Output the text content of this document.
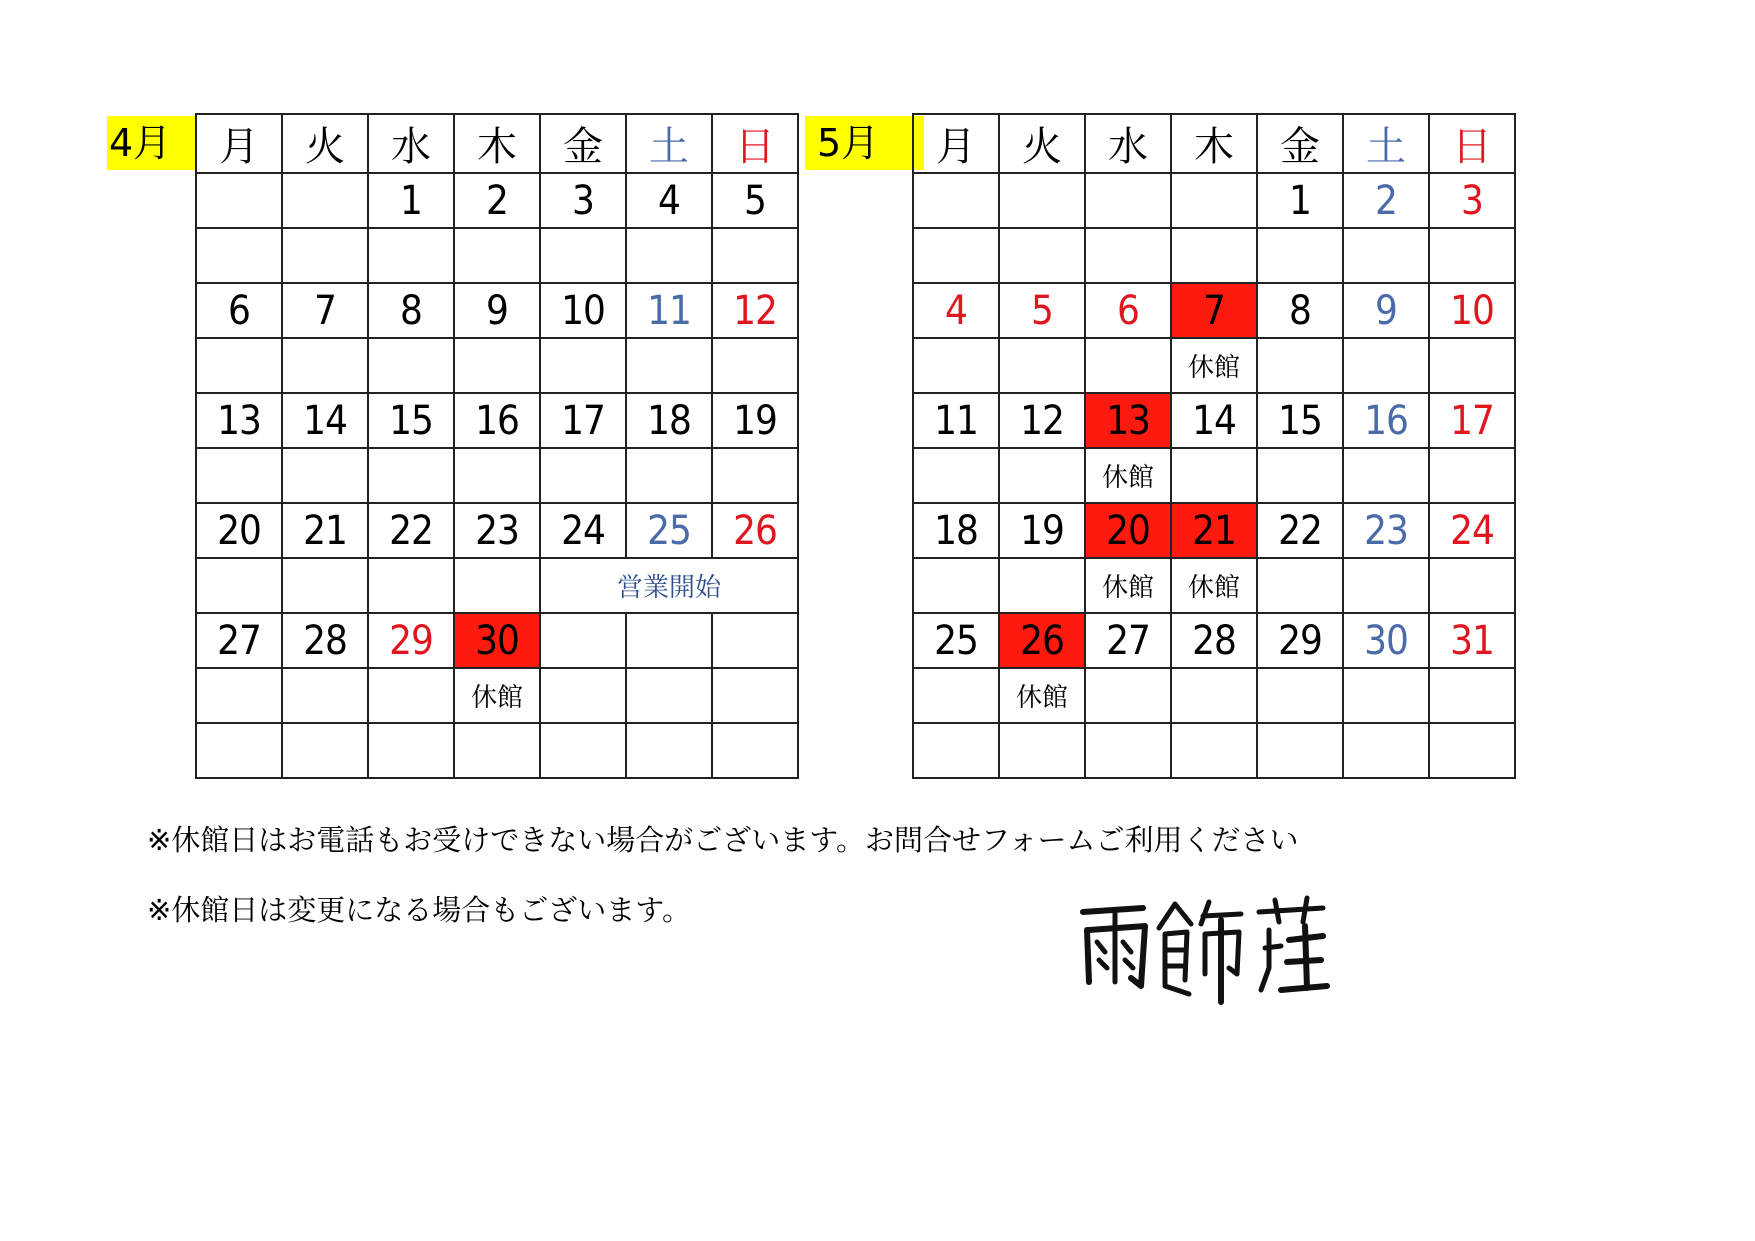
4月	月	火	水	木	金	土	日
		1	2	3	4	5

6	7	8	9	10	11	12

13	14	15	16	17	18	19

20	21	22	23	24	25	26
				営業開始		
27	28	29	30			
			休館			

5月	月	火	水	木	金	土	日
				1	2	3

4	5	6	7	8	9	10
			休館			
11	12	13	14	15	16	17
		休館				
18	19	20	21	22	23	24
		休館	休館			
25	26	27	28	29	30	31
	休館					

※休館日はお電話もお受けできない場合がございます。お問合せフォームご利用ください
※休館日は変更になる場合もございます。
